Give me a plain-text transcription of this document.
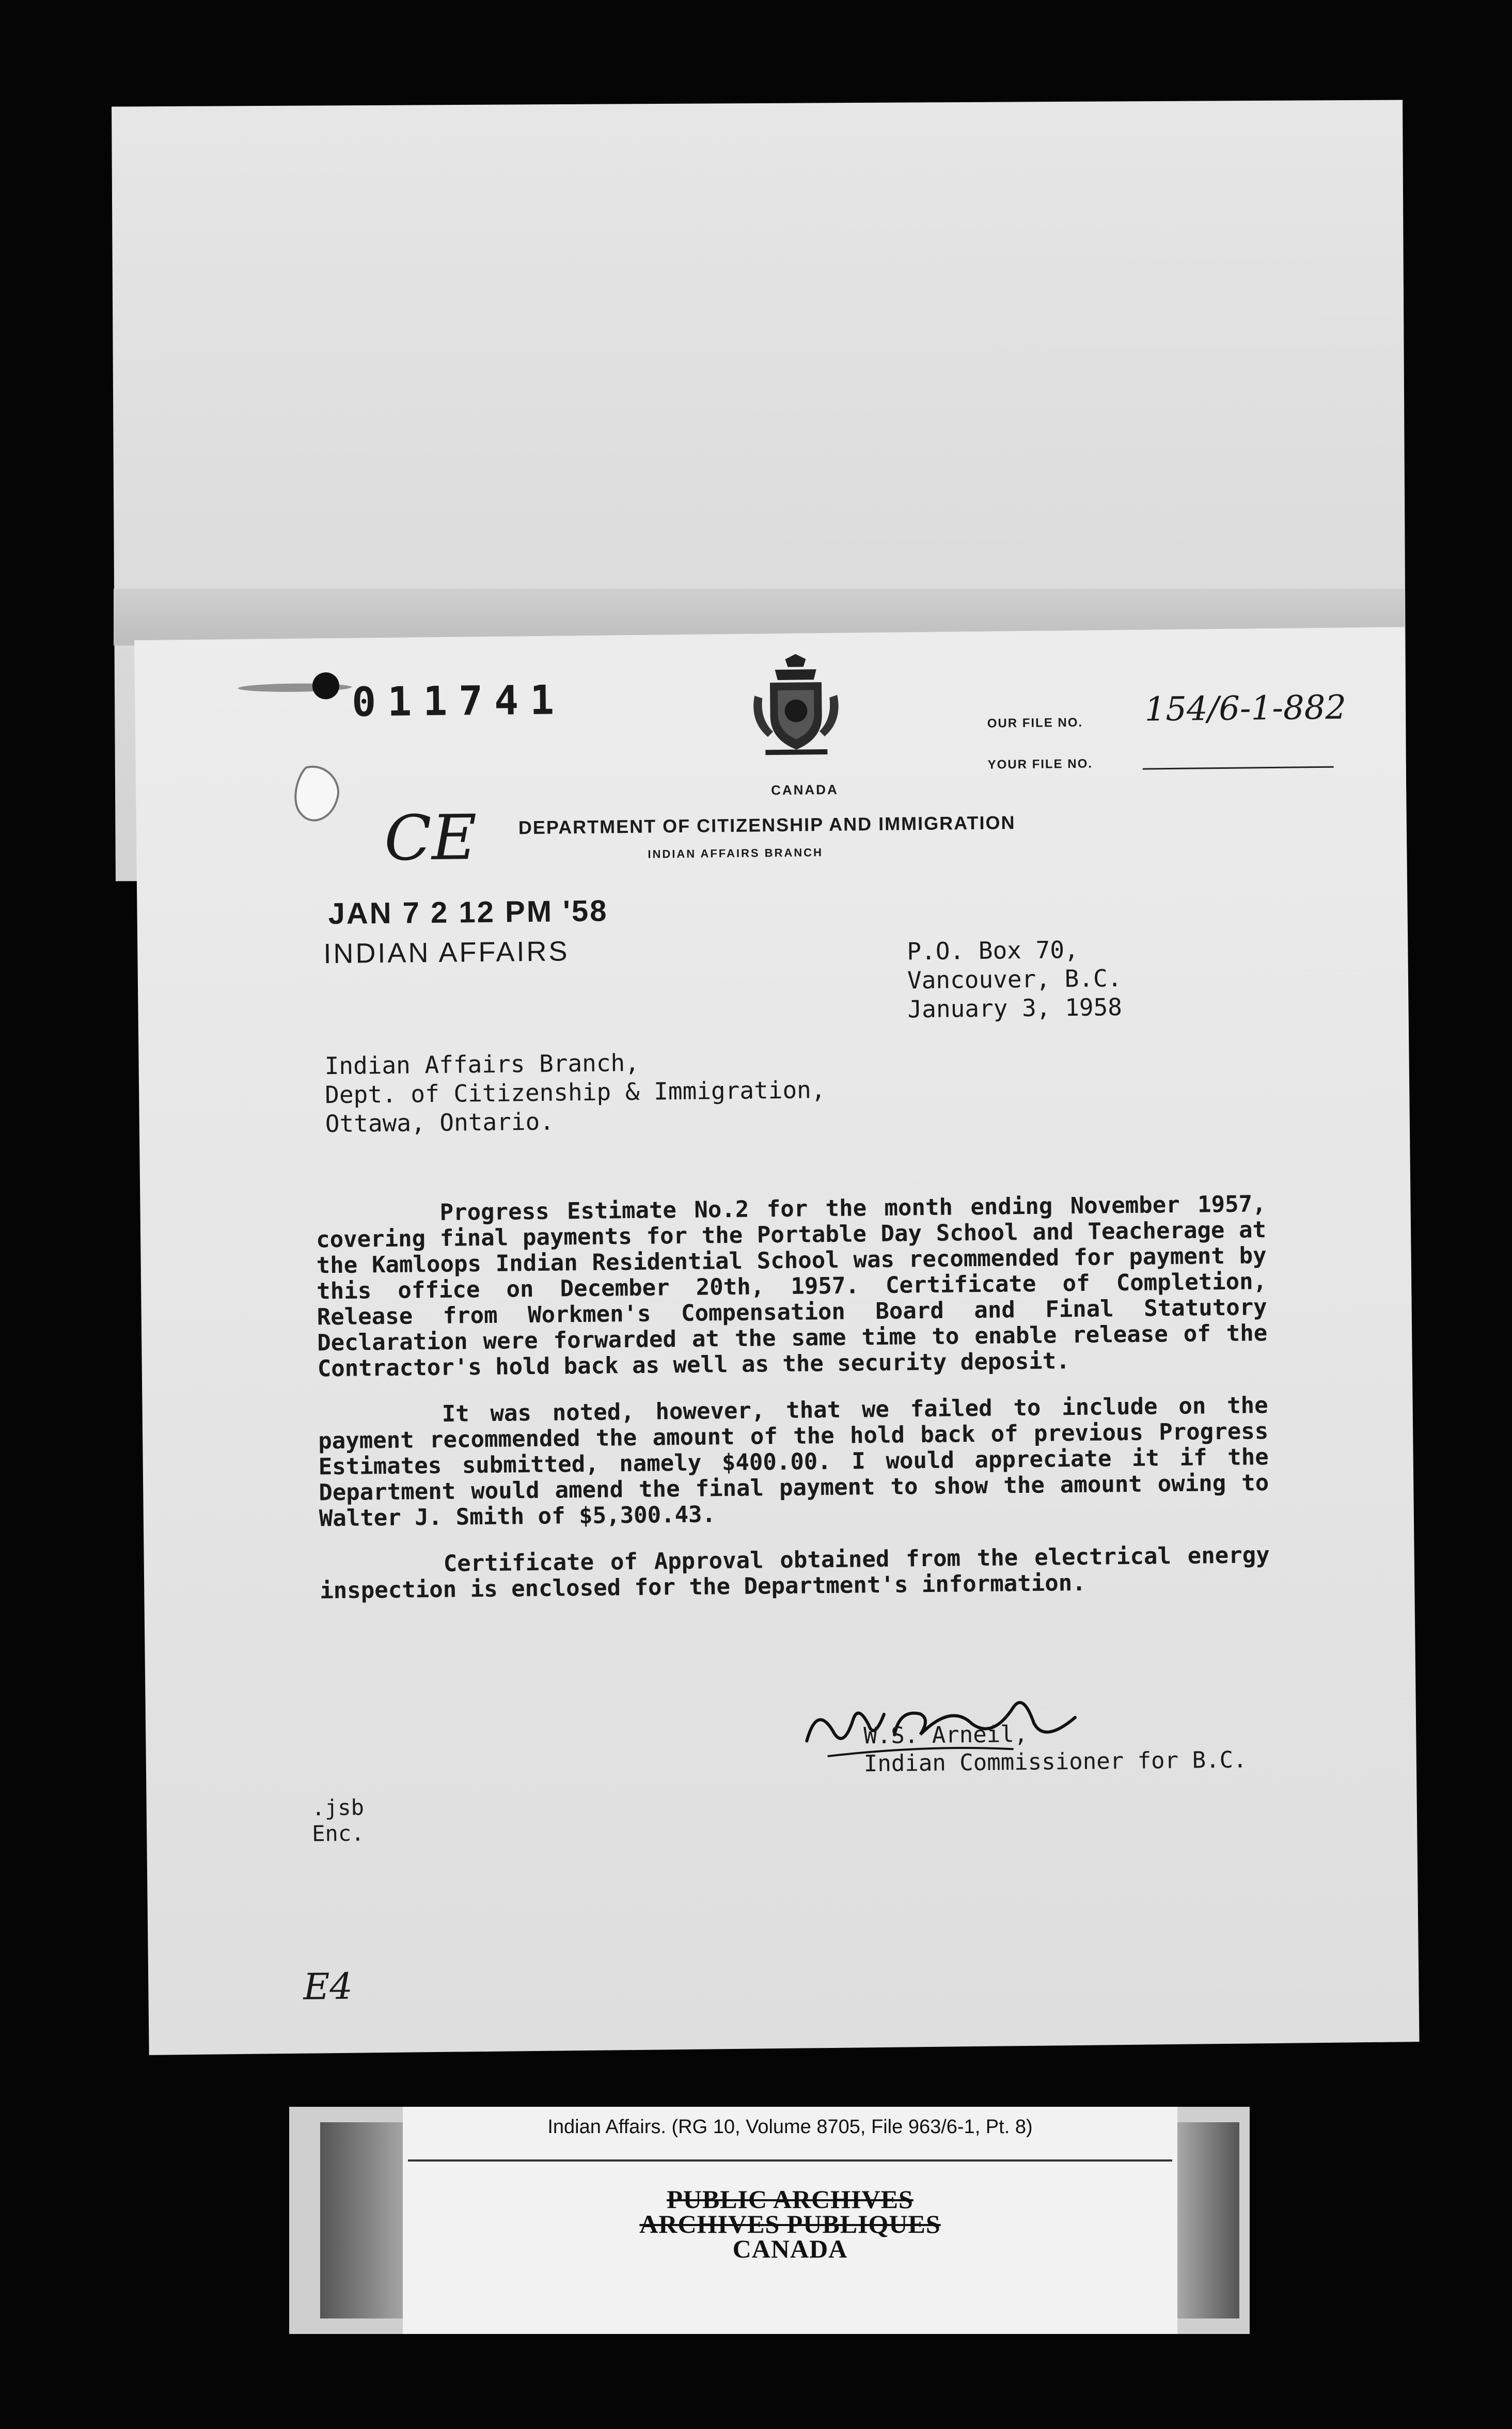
011741
CANADA
DEPARTMENT OF CITIZENSHIP AND IMMIGRATION
INDIAN AFFAIRS BRANCH
OUR FILE NO. 154/6-1-882
YOUR FILE NO.
CE
JAN 7 2 12 PM '58
INDIAN AFFAIRS	P.O. Box 70,
Vancouver, B.C.
January 3, 1958
Indian Affairs Branch,
Dept. of Citizenship & Immigration,
Ottawa, Ontario.

Progress Estimate No.2 for the month ending November 1957, covering final payments for the Portable Day School and Teacherage at the Kamloops Indian Residential School was recommended for payment by this office on December 20th, 1957. Certificate of Completion, Release from Workmen's Compensation Board and Final Statutory Declaration were forwarded at the same time to enable release of the Contractor's hold back as well as the security deposit.

It was noted, however, that we failed to include on the payment recommended the amount of the hold back of previous Progress Estimates submitted, namely $400.00. I would appreciate it if the Department would amend the final payment to show the amount owing to Walter J. Smith of $5,300.43.

Certificate of Approval obtained from the electrical energy inspection is enclosed for the Department's information.

W.S. Arneil,
Indian Commissioner for B.C.
.jsb
Enc.
E4
Indian Affairs. (RG 10, Volume 8705, File 963/6-1, Pt. 8)
PUBLIC ARCHIVES
ARCHIVES PUBLIQUES
CANADA
